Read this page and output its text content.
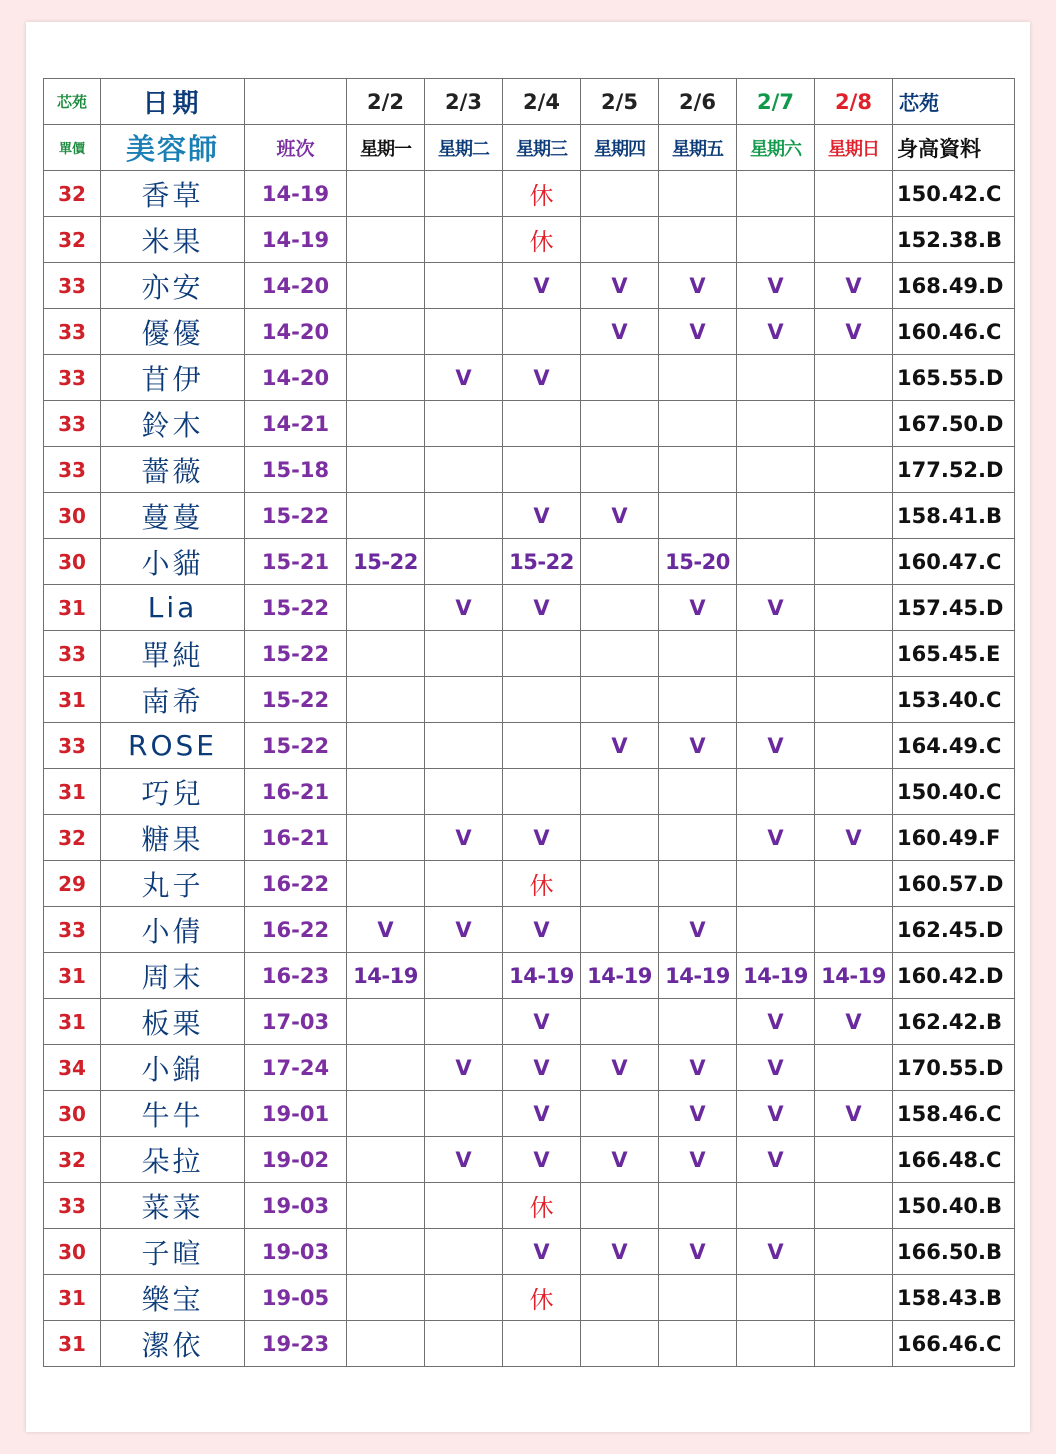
芯苑	日期		2/2	2/3	2/4	2/5	2/6	2/7	2/8	芯苑
單價	美容師	班次	星期一	星期二	星期三	星期四	星期五	星期六	星期日	身高資料
32	香草	14-19			休					150.42.C
32	米果	14-19			休					152.38.B
33	亦安	14-20			V	V	V	V	V	168.49.D
33	優優	14-20				V	V	V	V	160.46.C
33	苜伊	14-20		V	V					165.55.D
33	鈴木	14-21								167.50.D
33	薔薇	15-18								177.52.D
30	蔓蔓	15-22			V	V				158.41.B
30	小貓	15-21	15-22		15-22		15-20			160.47.C
31	Lia	15-22		V	V		V	V		157.45.D
33	單純	15-22								165.45.E
31	南希	15-22								153.40.C
33	ROSE	15-22				V	V	V		164.49.C
31	巧兒	16-21								150.40.C
32	糖果	16-21		V	V			V	V	160.49.F
29	丸子	16-22			休					160.57.D
33	小倩	16-22	V	V	V		V			162.45.D
31	周末	16-23	14-19		14-19	14-19	14-19	14-19	14-19	160.42.D
31	板栗	17-03			V			V	V	162.42.B
34	小錦	17-24		V	V	V	V	V		170.55.D
30	牛牛	19-01			V		V	V	V	158.46.C
32	朵拉	19-02		V	V	V	V	V		166.48.C
33	菜菜	19-03			休					150.40.B
30	子暄	19-03			V	V	V	V		166.50.B
31	樂宝	19-05			休					158.43.B
31	潔依	19-23								166.46.C
